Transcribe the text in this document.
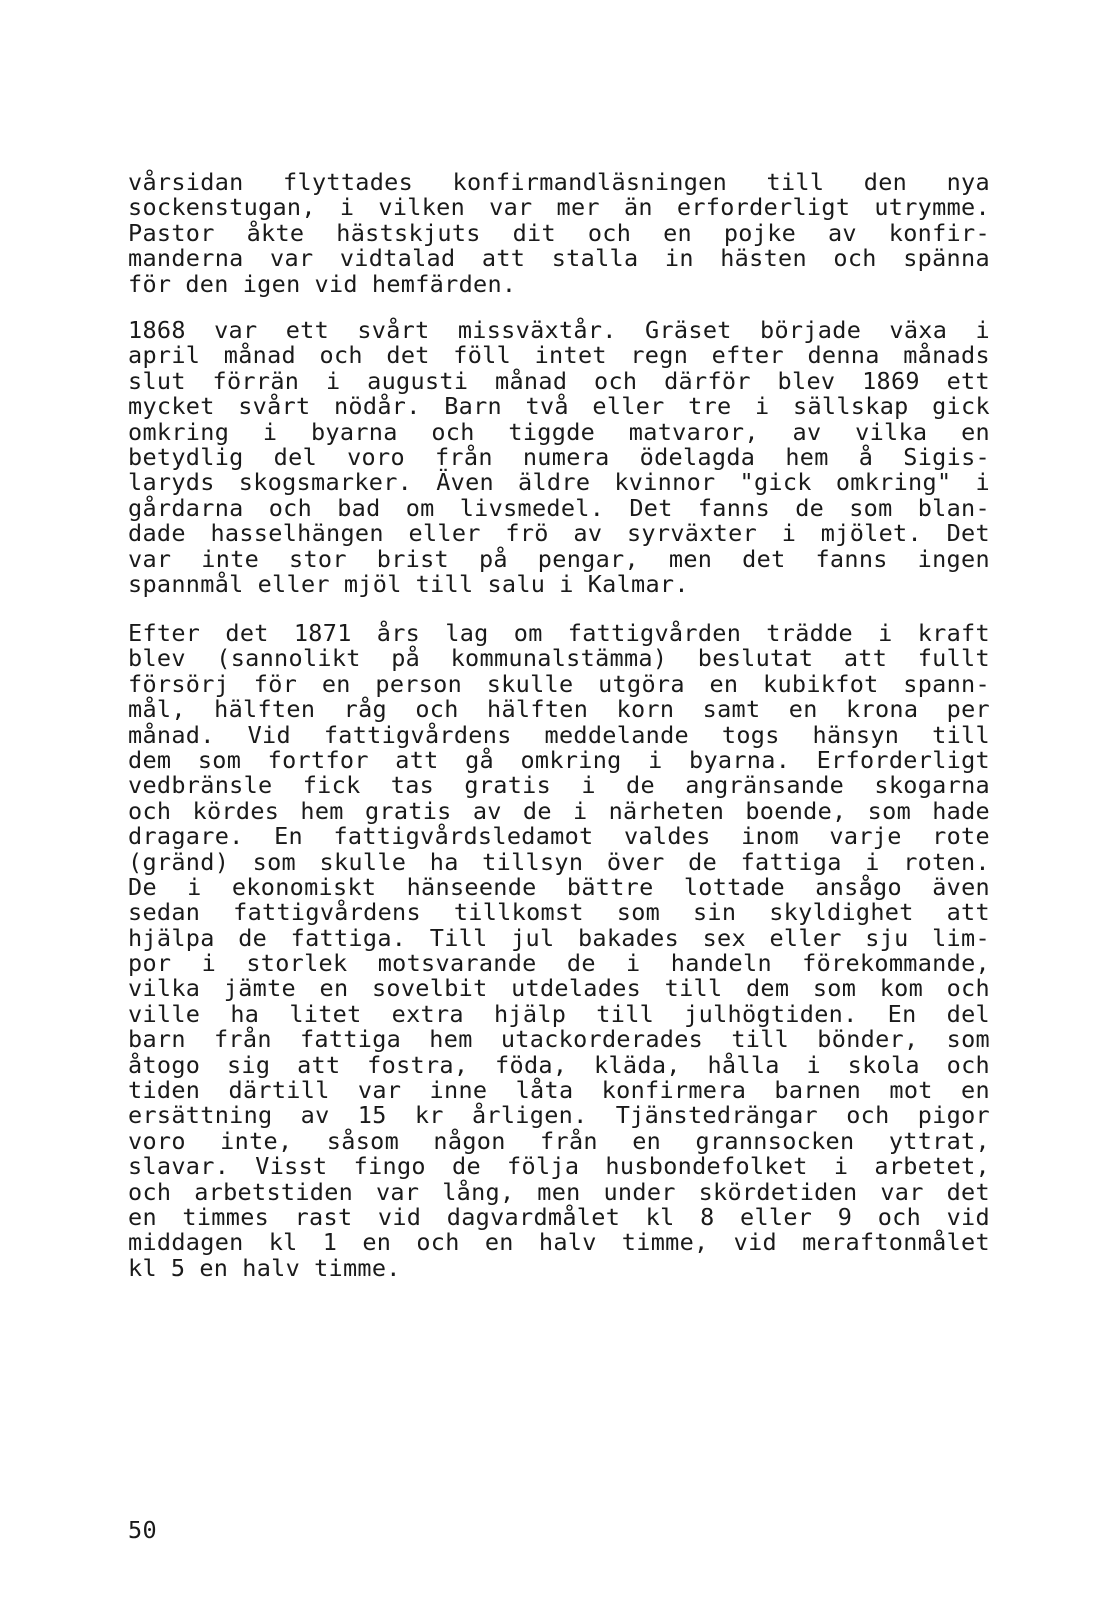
vårsidan flyttades konfirmandläsningen till den nya
sockenstugan, i vilken var mer än erforderligt utrymme.
Pastor åkte hästskjuts dit och en pojke av konfir-
manderna var vidtalad att stalla in hästen och spänna
för den igen vid hemfärden.
1868 var ett svårt missväxtår. Gräset började växa i
april månad och det föll intet regn efter denna månads
slut förrän i augusti månad och därför blev 1869 ett
mycket svårt nödår. Barn två eller tre i sällskap gick
omkring i byarna och tiggde matvaror, av vilka en
betydlig del voro från numera ödelagda hem å Sigis-
laryds skogsmarker. Även äldre kvinnor "gick omkring" i
gårdarna och bad om livsmedel. Det fanns de som blan-
dade hasselhängen eller frö av syrväxter i mjölet. Det
var inte stor brist på pengar, men det fanns ingen
spannmål eller mjöl till salu i Kalmar.
Efter det 1871 års lag om fattigvården trädde i kraft
blev (sannolikt på kommunalstämma) beslutat att fullt
försörj för en person skulle utgöra en kubikfot spann-
mål, hälften råg och hälften korn samt en krona per
månad. Vid fattigvårdens meddelande togs hänsyn till
dem som fortfor att gå omkring i byarna. Erforderligt
vedbränsle fick tas gratis i de angränsande skogarna
och kördes hem gratis av de i närheten boende, som hade
dragare. En fattigvårdsledamot valdes inom varje rote
(gränd) som skulle ha tillsyn över de fattiga i roten.
De i ekonomiskt hänseende bättre lottade ansågo även
sedan fattigvårdens tillkomst som sin skyldighet att
hjälpa de fattiga. Till jul bakades sex eller sju lim-
por i storlek motsvarande de i handeln förekommande,
vilka jämte en sovelbit utdelades till dem som kom och
ville ha litet extra hjälp till julhögtiden. En del
barn från fattiga hem utackorderades till bönder, som
åtogo sig att fostra, föda, kläda, hålla i skola och
tiden därtill var inne låta konfirmera barnen mot en
ersättning av 15 kr årligen. Tjänstedrängar och pigor
voro inte, såsom någon från en grannsocken yttrat,
slavar. Visst fingo de följa husbondefolket i arbetet,
och arbetstiden var lång, men under skördetiden var det
en timmes rast vid dagvardmålet kl 8 eller 9 och vid
middagen kl 1 en och en halv timme, vid meraftonmålet
kl 5 en halv timme.
50
